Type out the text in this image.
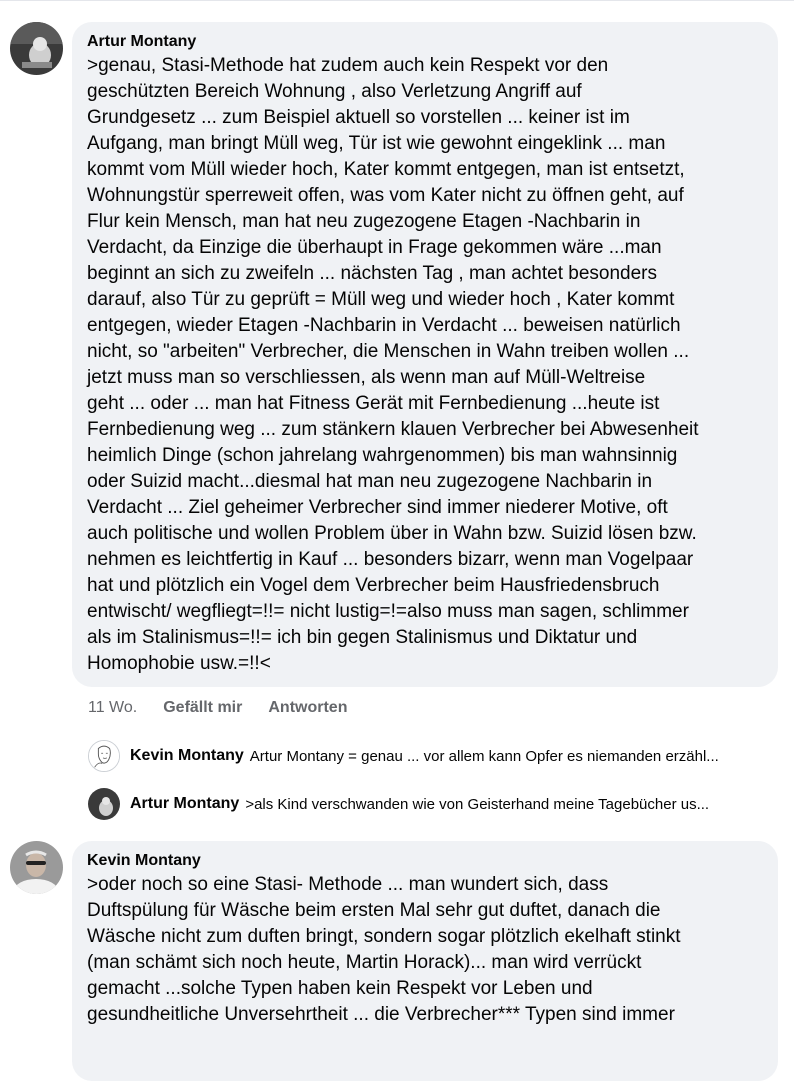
Artur Montany

>genau, Stasi-Methode hat zudem auch kein Respekt vor den
geschützten Bereich Wohnung , also Verletzung Angriff auf
Grundgesetz ... zum Beispiel aktuell so vorstellen ... keiner ist im
Aufgang, man bringt Müll weg, Tür ist wie gewohnt eingeklink ... man
kommt vom Müll wieder hoch, Kater kommt entgegen, man ist entsetzt,
Wohnungstür sperreweit offen, was vom Kater nicht zu öffnen geht, auf
Flur kein Mensch, man hat neu zugezogene Etagen -Nachbarin in
Verdacht, da Einzige die überhaupt in Frage gekommen wäre ...man
beginnt an sich zu zweifeln ... nächsten Tag , man achtet besonders
darauf, also Tür zu geprüft = Müll weg und wieder hoch , Kater kommt
entgegen, wieder Etagen -Nachbarin in Verdacht ... beweisen natürlich
nicht, so "arbeiten" Verbrecher, die Menschen in Wahn treiben wollen ...
jetzt muss man so verschliessen, als wenn man auf Müll-Weltreise
geht ... oder ... man hat Fitness Gerät mit Fernbedienung ...heute ist
Fernbedienung weg ... zum stänkern klauen Verbrecher bei Abwesenheit
heimlich Dinge (schon jahrelang wahrgenommen) bis man wahnsinnig
oder Suizid macht...diesmal hat man neu zugezogene Nachbarin in
Verdacht ... Ziel geheimer Verbrecher sind immer niederer Motive, oft
auch politische und wollen Problem über in Wahn bzw. Suizid lösen bzw.
nehmen es leichtfertig in Kauf ... besonders bizarr, wenn man Vogelpaar
hat und plötzlich ein Vogel dem Verbrecher beim Hausfriedensbruch
entwischt/ wegfliegt=!!= nicht lustig=!=also muss man sagen, schlimmer
als im Stalinismus=!!= ich bin gegen Stalinismus und Diktatur und
Homophobie usw.=!!<

11 Wo. Gefällt mir Antworten
Kevin Montany Artur Montany = genau ... vor allem kann Opfer es niemanden erzähl...
Artur Montany >als Kind verschwanden wie von Geisterhand meine Tagebücher us...
Kevin Montany

>oder noch so eine Stasi- Methode ... man wundert sich, dass
Duftspülung für Wäsche beim ersten Mal sehr gut duftet, danach die
Wäsche nicht zum duften bringt, sondern sogar plötzlich ekelhaft stinkt
(man schämt sich noch heute, Martin Horack)... man wird verrückt
gemacht ...solche Typen haben kein Respekt vor Leben und
gesundheitliche Unversehrtheit ... die Verbrecher*** Typen sind immer
